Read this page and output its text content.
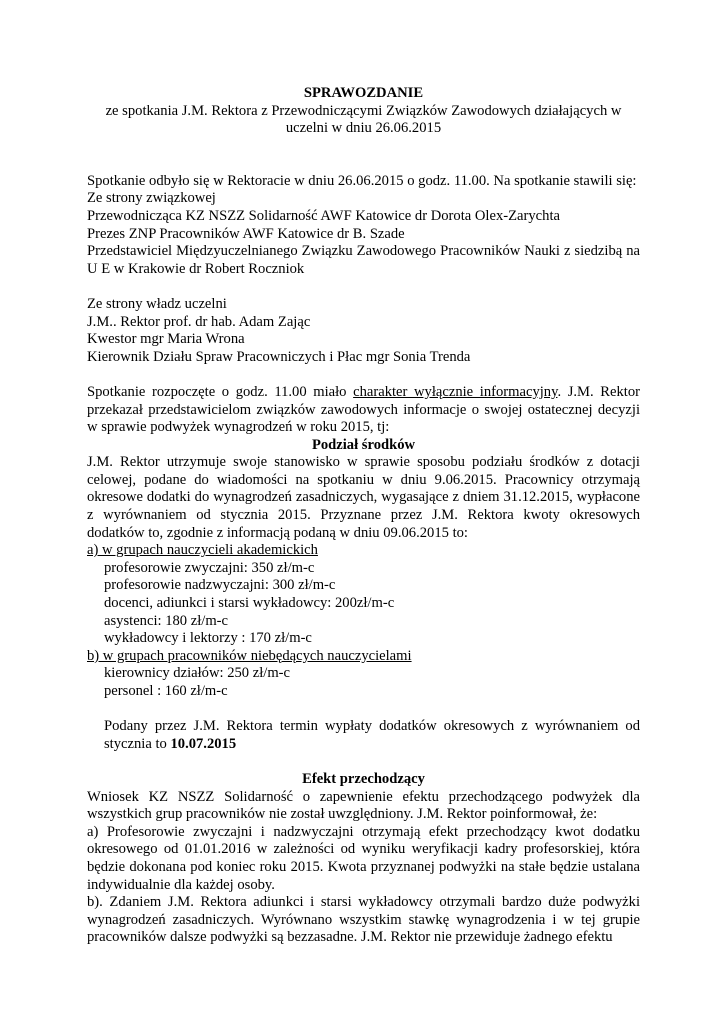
SPRAWOZDANIE

ze spotkania J.M. Rektora z Przewodniczącymi Związków Zawodowych działających w

uczelni w dniu 26.06.2015

Spotkanie odbyło się w Rektoracie w dniu 26.06.2015 o godz. 11.00. Na spotkanie stawili się:

Ze strony związkowej

Przewodnicząca KZ NSZZ Solidarność AWF Katowice dr Dorota Olex-Zarychta

Prezes ZNP Pracowników AWF Katowice dr B. Szade

Przedstawiciel Międzyuczelnianego Związku Zawodowego Pracowników Nauki z siedzibą na U E w Krakowie dr Robert Roczniok

Ze strony władz uczelni

J.M.. Rektor prof. dr hab. Adam Zając

Kwestor mgr Maria Wrona

Kierownik Działu Spraw Pracowniczych i Płac mgr Sonia Trenda

Spotkanie rozpoczęte o godz. 11.00 miało charakter wyłącznie informacyjny. J.M. Rektor przekazał przedstawicielom związków zawodowych informacje o swojej ostatecznej decyzji w sprawie podwyżek wynagrodzeń w roku 2015, tj:

Podział środków

J.M. Rektor utrzymuje swoje stanowisko w sprawie sposobu podziału środków z dotacji celowej, podane do wiadomości na spotkaniu w dniu 9.06.2015. Pracownicy otrzymają okresowe dodatki do wynagrodzeń zasadniczych, wygasające z dniem 31.12.2015, wypłacone z wyrównaniem od stycznia 2015. Przyznane przez J.M. Rektora kwoty okresowych dodatków to, zgodnie z informacją podaną w dniu 09.06.2015 to:

a) w grupach nauczycieli akademickich

profesorowie zwyczajni: 350 zł/m-c

profesorowie nadzwyczajni: 300 zł/m-c

docenci, adiunkci i starsi wykładowcy: 200zł/m-c

asystenci: 180 zł/m-c

wykładowcy i lektorzy : 170 zł/m-c

b) w grupach pracowników niebędących nauczycielami

kierownicy działów: 250 zł/m-c

personel : 160 zł/m-c

Podany przez J.M. Rektora termin wypłaty dodatków okresowych z wyrównaniem od stycznia to 10.07.2015

Efekt przechodzący

Wniosek KZ NSZZ Solidarność o zapewnienie efektu przechodzącego podwyżek dla wszystkich grup pracowników nie został uwzględniony. J.M. Rektor poinformował, że:

a) Profesorowie zwyczajni i nadzwyczajni otrzymają efekt przechodzący kwot dodatku okresowego od 01.01.2016 w zależności od wyniku weryfikacji kadry profesorskiej, która będzie dokonana pod koniec roku 2015. Kwota przyznanej podwyżki na stałe będzie ustalana indywidualnie dla każdej osoby.

b). Zdaniem J.M. Rektora adiunkci i starsi wykładowcy otrzymali bardzo duże podwyżki wynagrodzeń zasadniczych. Wyrównano wszystkim stawkę wynagrodzenia i w tej grupie pracowników dalsze podwyżki są bezzasadne. J.M. Rektor nie przewiduje żadnego efektu
